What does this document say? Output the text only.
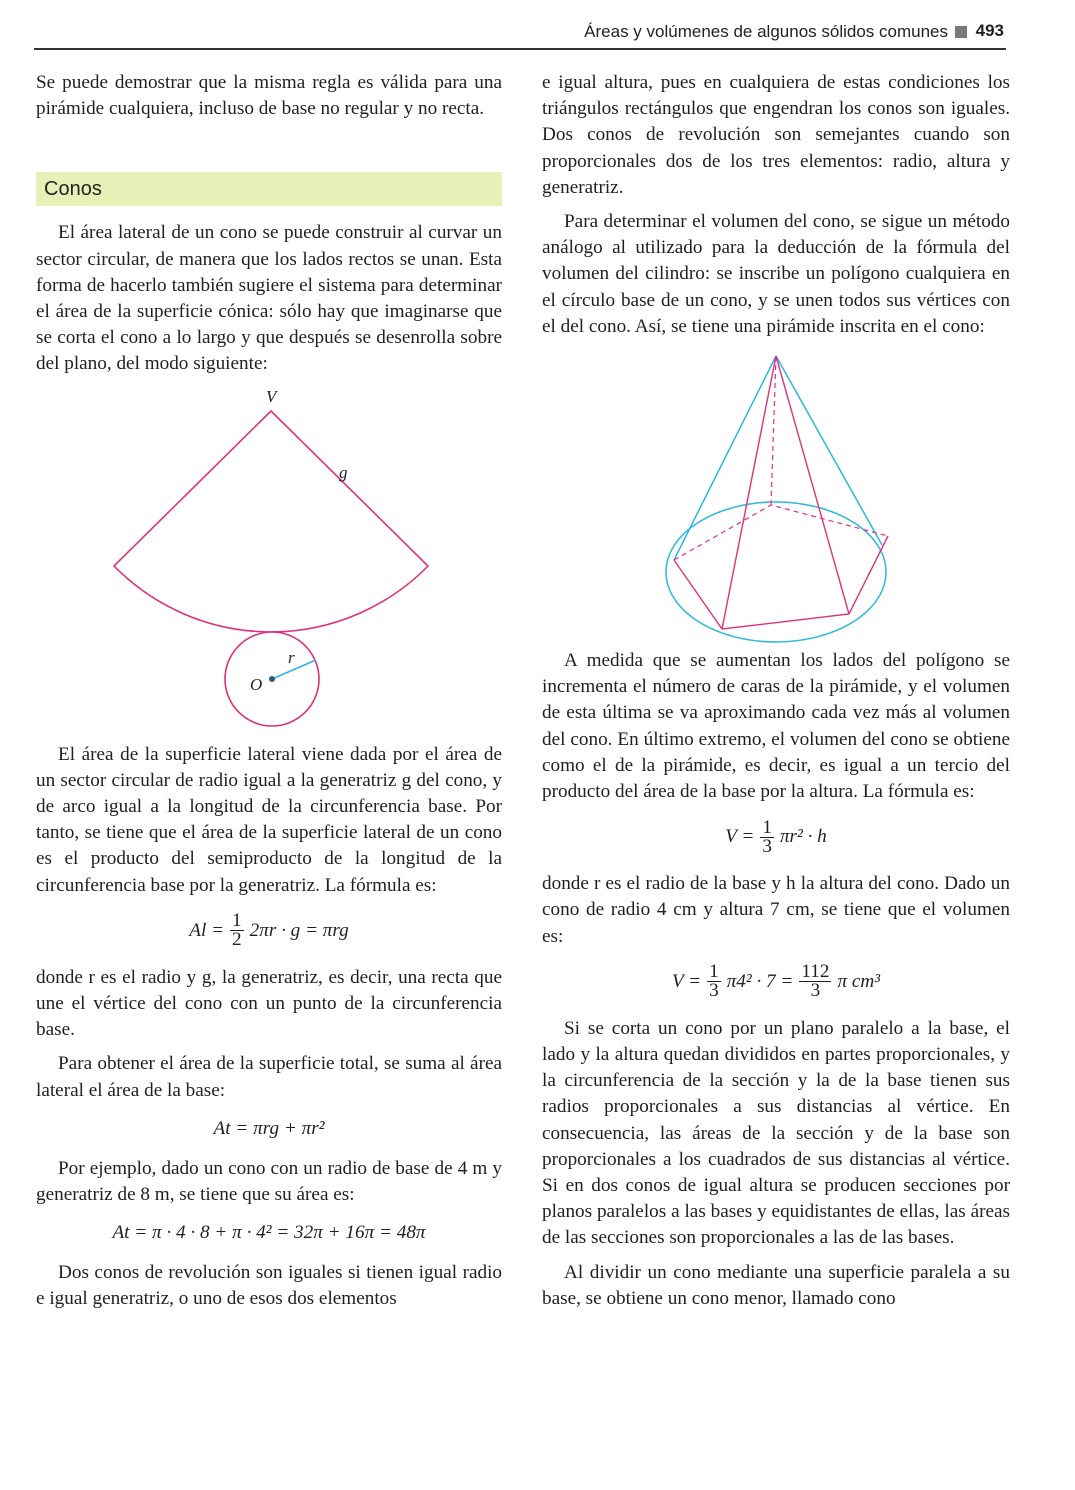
Áreas y volúmenes de algunos sólidos comunes 493

Se puede demostrar que la misma regla es válida para una pirámide cualquiera, incluso de base no regular y no recta.

Conos

El área lateral de un cono se puede construir al curvar un sector circular, de manera que los lados rectos se unan. Esta forma de hacerlo también sugiere el sistema para determinar el área de la superficie cónica: sólo hay que imaginarse que se corta el cono a lo largo y que después se desenrolla sobre del plano, del modo siguiente:

V
g
r
O

El área de la superficie lateral viene dada por el área de un sector circular de radio igual a la generatriz g del cono, y de arco igual a la longitud de la circunferencia base. Por tanto, se tiene que el área de la superficie lateral de un cono es el producto del semiproducto de la longitud de la circunferencia base por la generatriz. La fórmula es:

$Al = \frac{1}{2} 2\pi r \cdot g = \pi rg$

donde r es el radio y g, la generatriz, es decir, una recta que une el vértice del cono con un punto de la circunferencia base.

Para obtener el área de la superficie total, se suma al área lateral el área de la base:

At = πrg + πr²

Por ejemplo, dado un cono con un radio de base de 4 m y generatriz de 8 m, se tiene que su área es:

At = π · 4 · 8 + π · 4² = 32π + 16π = 48π

Dos conos de revolución son iguales si tienen igual radio e igual generatriz, o uno de esos dos elementos

e igual altura, pues en cualquiera de estas condiciones los triángulos rectángulos que engendran los conos son iguales. Dos conos de revolución son semejantes cuando son proporcionales dos de los tres elementos: radio, altura y generatriz.

Para determinar el volumen del cono, se sigue un método análogo al utilizado para la deducción de la fórmula del volumen del cilindro: se inscribe un polígono cualquiera en el círculo base de un cono, y se unen todos sus vértices con el del cono. Así, se tiene una pirámide inscrita en el cono:

A medida que se aumentan los lados del polígono se incrementa el número de caras de la pirámide, y el volumen de esta última se va aproximando cada vez más al volumen del cono. En último extremo, el volumen del cono se obtiene como el de la pirámide, es decir, es igual a un tercio del producto del área de la base por la altura. La fórmula es:

$V = \frac{1}{3} \pi r^2 \cdot h$

donde r es el radio de la base y h la altura del cono. Dado un cono de radio 4 cm y altura 7 cm, se tiene que el volumen es:

$V = \frac{1}{3} \pi 4^2 \cdot 7 = \frac{112}{3}$ π cm³

Si se corta un cono por un plano paralelo a la base, el lado y la altura quedan divididos en partes proporcionales, y la circunferencia de la sección y la de la base tienen sus radios proporcionales a sus distancias al vértice. En consecuencia, las áreas de la sección y de la base son proporcionales a los cuadrados de sus distancias al vértice. Si en dos conos de igual altura se producen secciones por planos paralelos a las bases y equidistantes de ellas, las áreas de las secciones son proporcionales a las de las bases.

Al dividir un cono mediante una superficie paralela a su base, se obtiene un cono menor, llamado cono
